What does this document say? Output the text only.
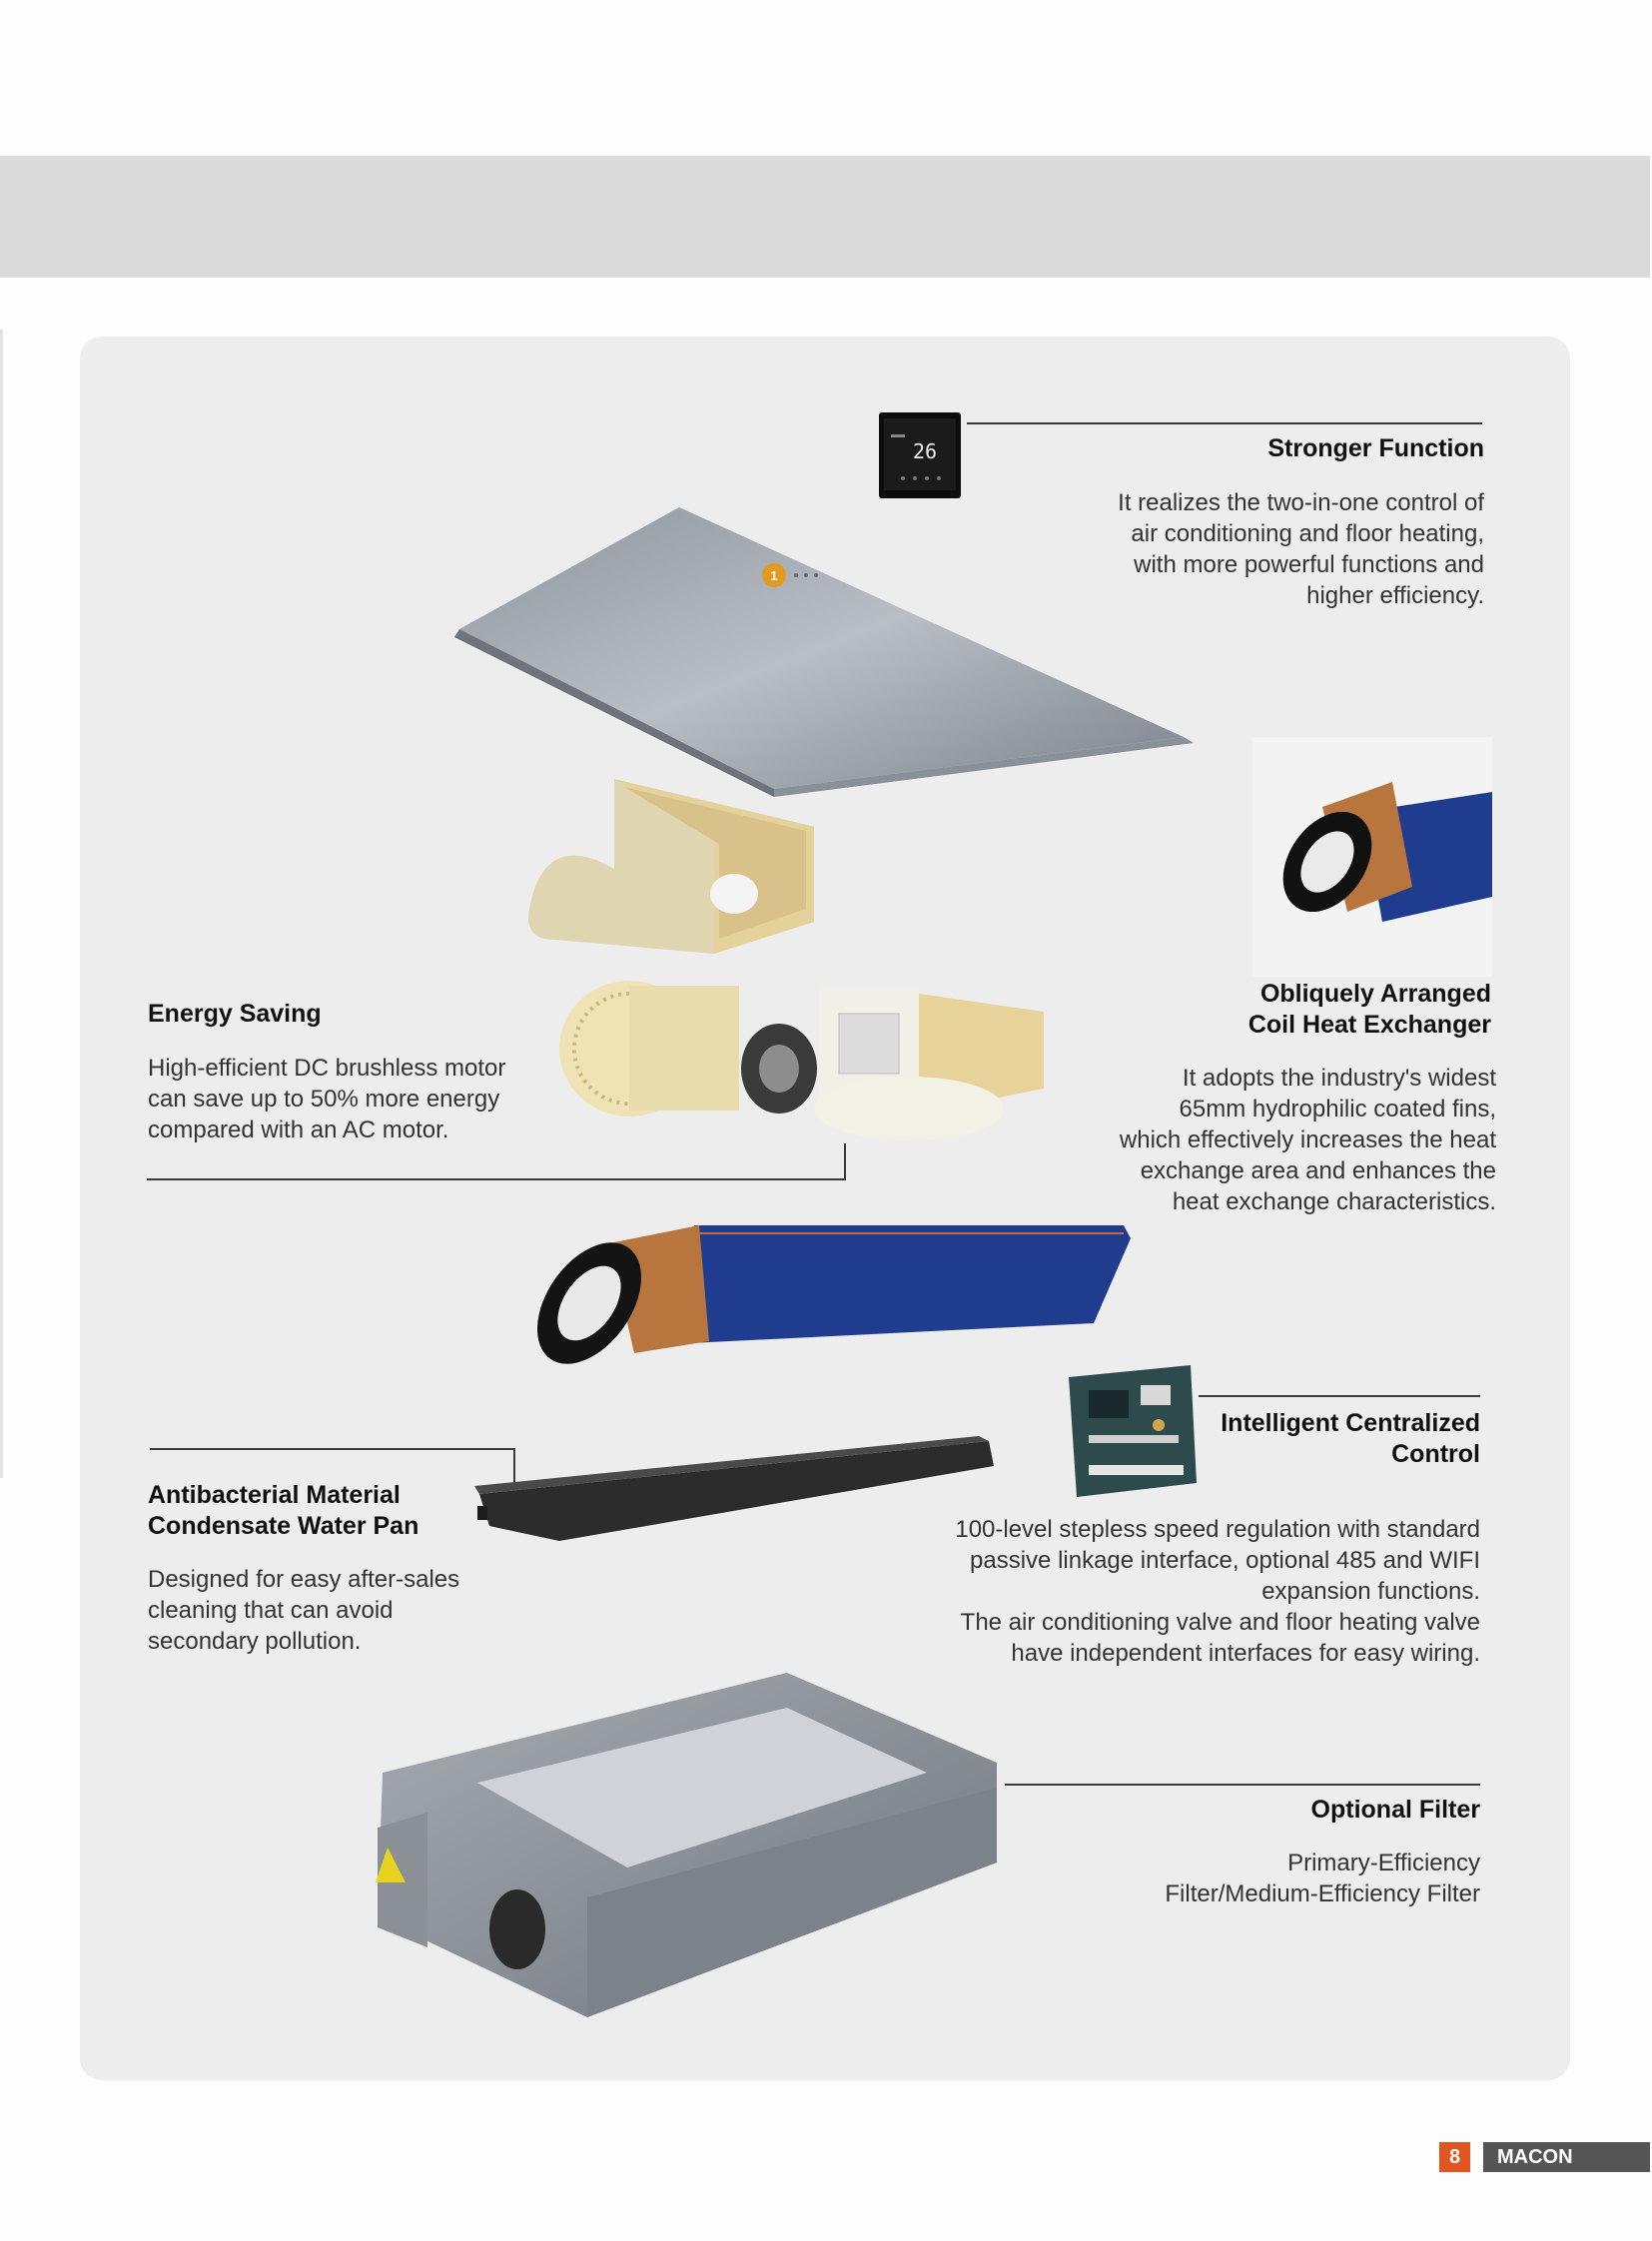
26	Stronger Function
It realizes the two-in-one control of
air conditioning and floor heating,
with more powerful functions and
higher efficiency.
1
Obliquely Arranged
Coil Heat Exchanger
It adopts the industry's widest
65mm hydrophilic coated fins,
which effectively increases the heat
exchange area and enhances the
heat exchange characteristics.
Energy Saving
High-efficient DC brushless motor
can save up to 50% more energy
compared with an AC motor.
Intelligent Centralized
Control
100-level stepless speed regulation with standard
passive linkage interface, optional 485 and WIFI
expansion functions.
The air conditioning valve and floor heating valve
have independent interfaces for easy wiring.
Antibacterial Material
Condensate Water Pan
Designed for easy after-sales
cleaning that can avoid
secondary pollution.
Optional Filter
Primary-Efficiency
Filter/Medium-Efficiency Filter
8	MACON
